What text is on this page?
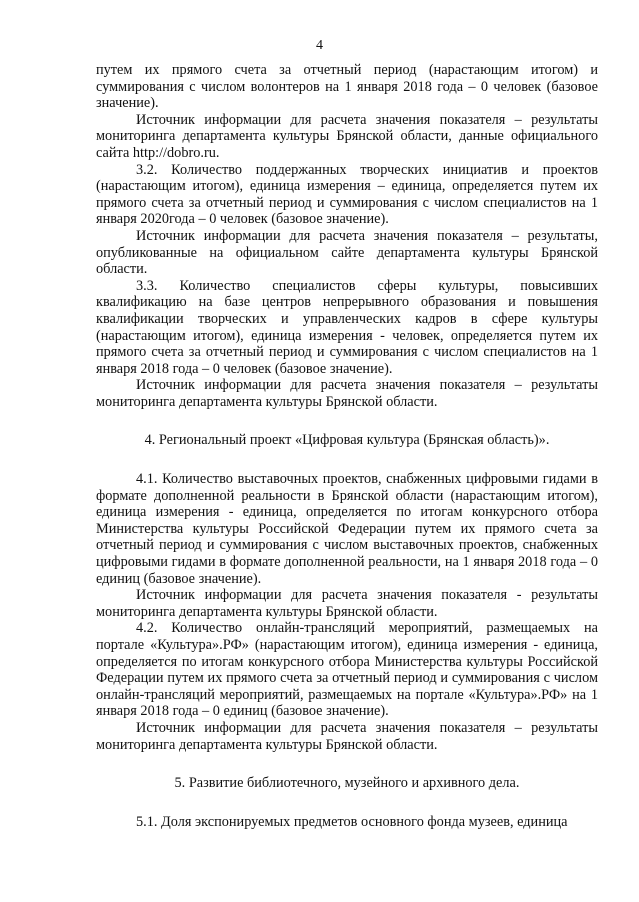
4

путем их прямого счета за отчетный период (нарастающим итогом) и суммирования с числом волонтеров на 1 января 2018 года – 0 человек (базовое значение).

Источник информации для расчета значения показателя – результаты мониторинга департамента культуры Брянской области, данные официального сайта http://dobro.ru.

3.2. Количество поддержанных творческих инициатив и проектов (нарастающим итогом), единица измерения – единица, определяется путем их прямого счета за отчетный период и суммирования с числом специалистов на 1 января 2020года – 0 человек (базовое значение).

Источник информации для расчета значения показателя – результаты, опубликованные на официальном сайте департамента культуры Брянской области.

3.3. Количество специалистов сферы культуры, повысивших квалификацию на базе центров непрерывного образования и повышения квалификации творческих и управленческих кадров в сфере культуры (нарастающим итогом), единица измерения - человек, определяется путем их прямого счета за отчетный период и суммирования с числом специалистов на 1 января 2018 года – 0 человек (базовое значение).

Источник информации для расчета значения показателя – результаты мониторинга департамента культуры Брянской области.

4. Региональный проект «Цифровая культура (Брянская область)».

4.1. Количество выставочных проектов, снабженных цифровыми гидами в формате дополненной реальности в Брянской области (нарастающим итогом), единица измерения - единица, определяется по итогам конкурсного отбора Министерства культуры Российской Федерации путем их прямого счета за отчетный период и суммирования с числом выставочных проектов, снабженных цифровыми гидами в формате дополненной реальности, на 1 января 2018 года – 0 единиц (базовое значение).

Источник информации для расчета значения показателя - результаты мониторинга департамента культуры Брянской области.

4.2. Количество онлайн-трансляций мероприятий, размещаемых на портале «Культура».РФ» (нарастающим итогом), единица измерения - единица, определяется по итогам конкурсного отбора Министерства культуры Российской Федерации путем их прямого счета за отчетный период и суммирования с числом онлайн-трансляций мероприятий, размещаемых на портале «Культура».РФ» на 1 января 2018 года – 0 единиц (базовое значение).

Источник информации для расчета значения показателя – результаты мониторинга департамента культуры Брянской области.

5. Развитие библиотечного, музейного и архивного дела.

5.1. Доля экспонируемых предметов основного фонда музеев, единица
